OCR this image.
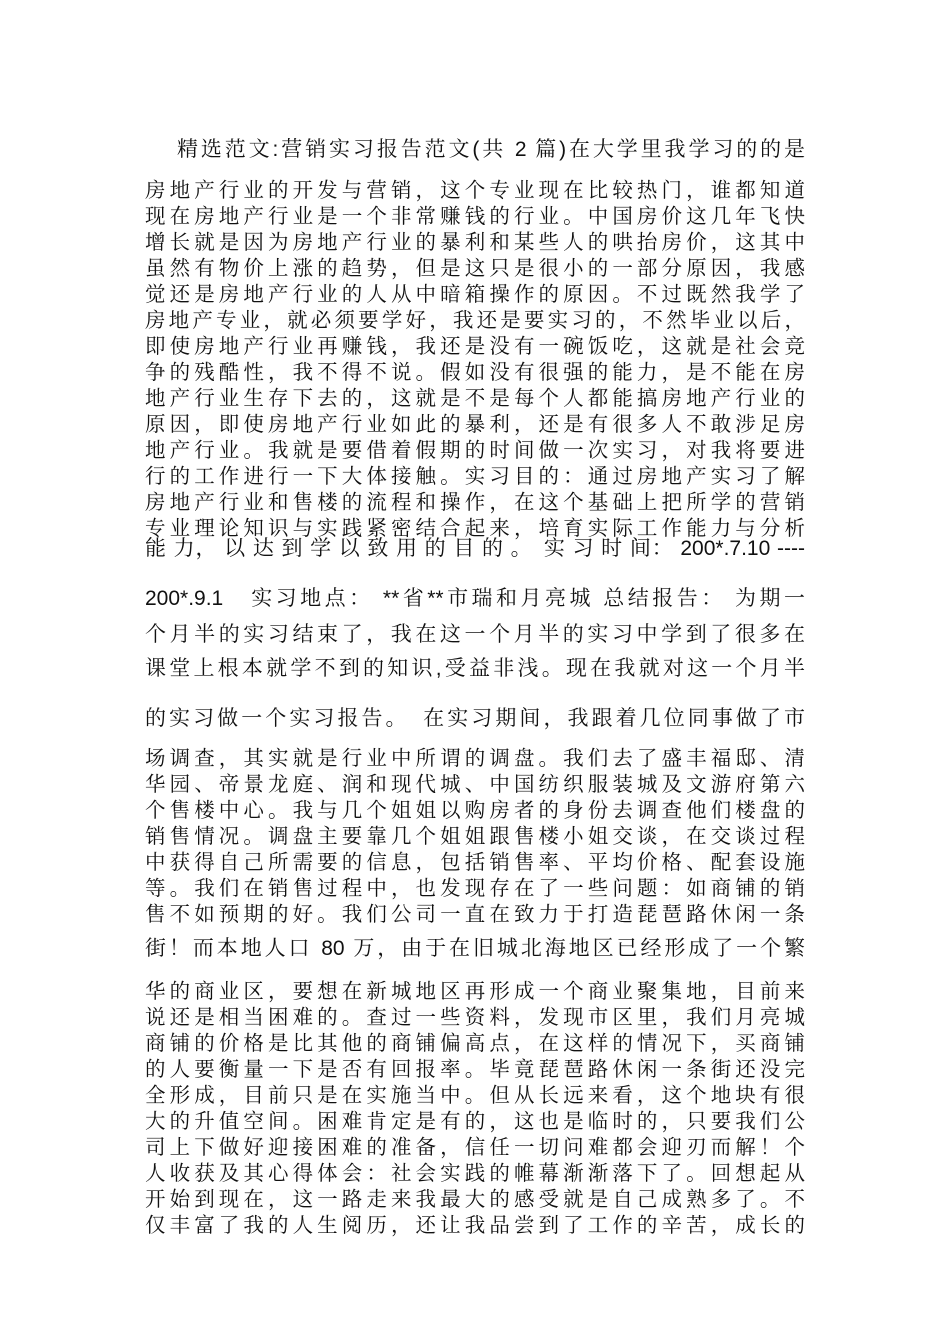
精选范文:营销实习报告范文(共 2 篇)在大学里我学习的的是
房地产行业的开发与营销，这个专业现在比较热门，谁都知道
现在房地产行业是一个非常赚钱的行业。中国房价这几年飞快
增长就是因为房地产行业的暴利和某些人的哄抬房价，这其中
虽然有物价上涨的趋势，但是这只是很小的一部分原因，我感
觉还是房地产行业的人从中暗箱操作的原因。不过既然我学了
房地产专业，就必须要学好，我还是要实习的，不然毕业以后，
即使房地产行业再赚钱，我还是没有一碗饭吃，这就是社会竞
争的残酷性，我不得不说。假如没有很强的能力，是不能在房
地产行业生存下去的，这就是不是每个人都能搞房地产行业的
原因，即使房地产行业如此的暴利，还是有很多人不敢涉足房
地产行业。我就是要借着假期的时间做一次实习，对我将要进
行的工作进行一下大体接触。实习目的：通过房地产实习了解
房地产行业和售楼的流程和操作，在这个基础上把所学的营销
专业理论知识与实践紧密结合起来，培育实际工作能力与分析
能 力， 以 达 到 学 以 致 用 的 目 的 。　实 习 时 间： 200*.7.10 ----
200*.9.1　实习地点： **省**市瑞和月亮城 总结报告： 为期一
个月半的实习结束了，我在这一个月半的实习中学到了很多在
课堂上根本就学不到的知识,受益非浅。现在我就对这一个月半
的实习做一个实习报告。　在实习期间，我跟着几位同事做了市
场调查，其实就是行业中所谓的调盘。我们去了盛丰福邸、清
华园、帝景龙庭、润和现代城、中国纺织服装城及文游府第六
个售楼中心。我与几个姐姐以购房者的身份去调查他们楼盘的
销售情况。调盘主要靠几个姐姐跟售楼小姐交谈，在交谈过程
中获得自己所需要的信息，包括销售率、平均价格、配套设施
等。我们在销售过程中，也发现存在了一些问题：如商铺的销
售不如预期的好。我们公司一直在致力于打造琵琶路休闲一条
街！而本地人口 80 万，由于在旧城北海地区已经形成了一个繁
华的商业区，要想在新城地区再形成一个商业聚集地，目前来
说还是相当困难的。查过一些资料，发现市区里，我们月亮城
商铺的价格是比其他的商铺偏高点，在这样的情况下，买商铺
的人要衡量一下是否有回报率。毕竟琵琶路休闲一条街还没完
全形成，目前只是在实施当中。但从长远来看，这个地块有很
大的升值空间。困难肯定是有的，这也是临时的，只要我们公
司上下做好迎接困难的准备，信任一切问难都会迎刃而解！个
人收获及其心得体会：社会实践的帷幕渐渐落下了。回想起从
开始到现在，这一路走来我最大的感受就是自己成熟多了。不
仅丰富了我的人生阅历，还让我品尝到了工作的辛苦，成长的
